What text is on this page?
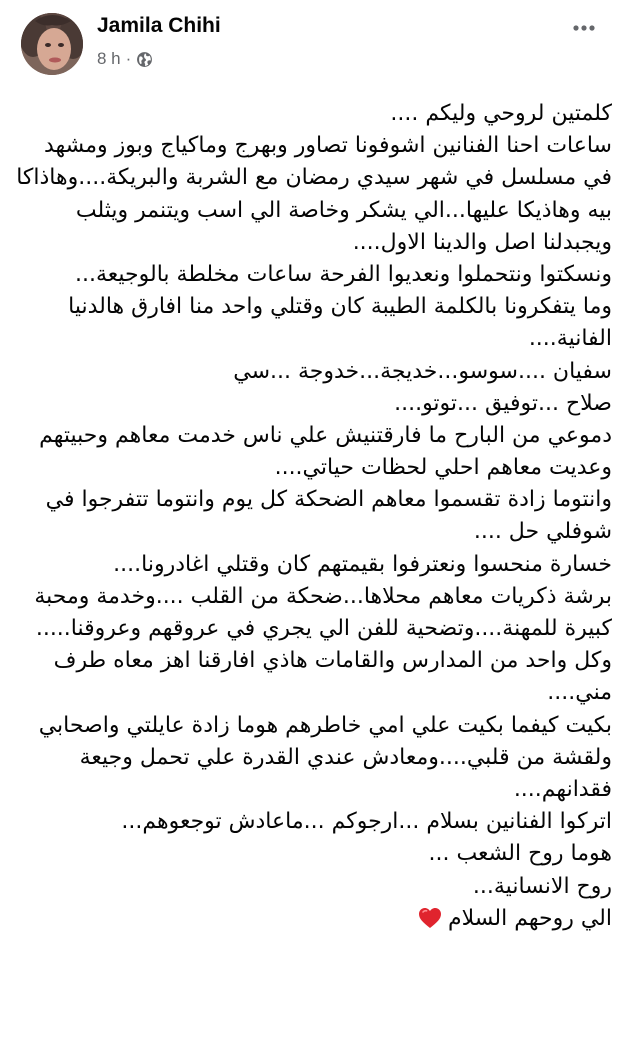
Jamila Chihi
8 h ·
كلمتين لروحي وليكم ....
ساعات احنا الفنانين اشوفونا تصاور وبهرج وماكياج وبوز ومشهد
في مسلسل في شهر سيدي رمضان مع الشربة والبريكة....وهاذاكا
بيه وهاذيكا عليها...الي يشكر وخاصة الي اسب ويتنمر ويثلب
ويجبدلنا اصل والدينا الاول....
ونسكتوا ونتحملوا ونعديوا الفرحة ساعات مخلطة بالوجيعة...
وما يتفكرونا بالكلمة الطيبة كان وقتلي واحد منا افارق هالدنيا
الفانية....
سفيان ....سوسو...خديجة...خدوجة ...سي
صلاح ...توفيق ...توتو....
دموعي من البارح ما فارقتنيش علي ناس خدمت معاهم وحبيتهم
وعديت معاهم احلي لحظات حياتي....
وانتوما زادة تقسموا معاهم الضحكة كل يوم وانتوما تتفرجوا في
شوفلي حل ....
خسارة منحسوا ونعترفوا بقيمتهم كان وقتلي اغادرونا....
برشة ذكريات معاهم محلاها...ضحكة من القلب ....وخدمة ومحبة
كبيرة للمهنة....وتضحية للفن الي يجري في عروقهم وعروقنا.....
وكل واحد من المدارس والقامات هاذي افارقنا اهز معاه طرف
مني....
بكيت كيفما بكيت علي امي خاطرهم هوما زادة عايلتي واصحابي
ولقشة من قلبي....ومعادش عندي القدرة علي تحمل وجيعة
فقدانهم....
اتركوا الفنانين بسلام ...ارجوكم ...ماعادش توجعوهم...
هوما روح الشعب ...
روح الانسانية...
الي روحهم السلام
